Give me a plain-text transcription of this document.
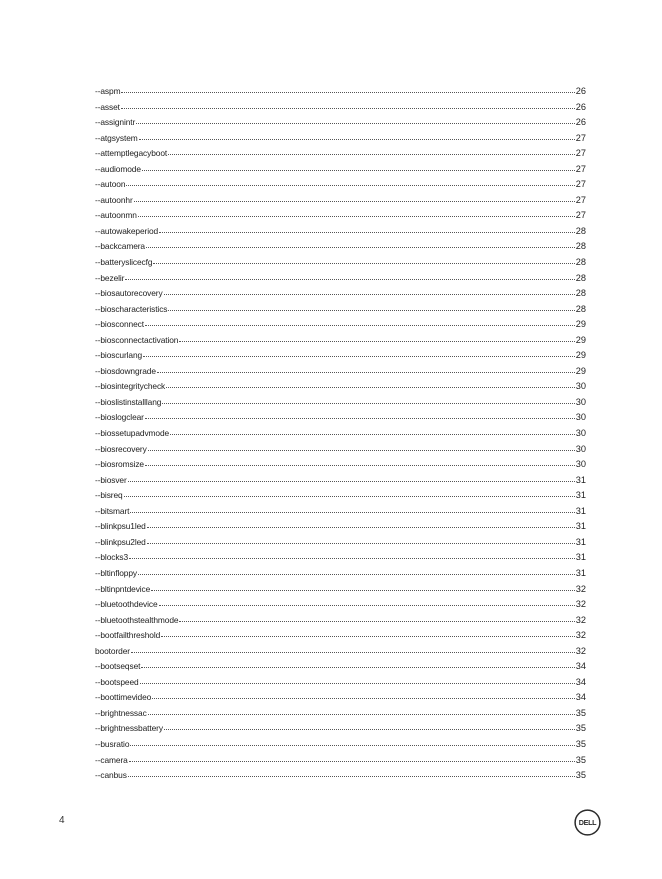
--aspm	26
--asset	26
--assignintr	26
--atgsystem	27
--attemptlegacyboot	27
--audiomode	27
--autoon	27
--autoonhr	27
--autoonmn	27
--autowakeperiod	28
--backcamera	28
--batteryslicecfg	28
--bezelir	28
--biosautorecovery	28
--bioscharacteristics	28
--biosconnect	29
--biosconnectactivation	29
--bioscurlang	29
--biosdowngrade	29
--biosintegritycheck	30
--bioslistinstalllang	30
--bioslogclear	30
--biossetupadvmode	30
--biosrecovery	30
--biosromsize	30
--biosver	31
--bisreq	31
--bitsmart	31
--blinkpsu1led	31
--blinkpsu2led	31
--blocks3	31
--bltinfloppy	31
--bltinpntdevice	32
--bluetoothdevice	32
--bluetoothstealthmode	32
--bootfailthreshold	32
bootorder	32
--bootseqset	34
--bootspeed	34
--boottimevideo	34
--brightnessac	35
--brightnessbattery	35
--busratio	35
--camera	35
--canbus	35
4	DELL
